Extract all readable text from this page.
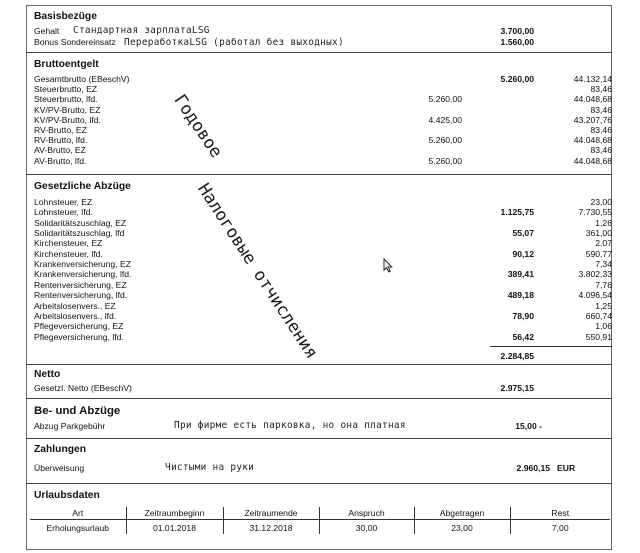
Basisbezüge
Gehalt Стандартная зарплатаLSG	3.700,00
Bonus Sondereinsatz ПереработкаLSG (работал без выходных)	1.560,00
Bruttoentgelt
Gesamtbrutto (EBeschV)	5.260,00	44.132,14
Steuerbrutto, EZ	83,46
Steuerbrutto, lfd.	5.260,00	44.048,68
KV/PV-Brutto, EZ	83,46
KV/PV-Brutto, lfd.	4.425,00	43.207,76
RV-Brutto, EZ	83,46
RV-Brutto, lfd.	5.260,00	44.048,68
AV-Brutto, EZ	83,46
AV-Brutto, lfd.	5.260,00	44.048,68
Годовое
Gesetzliche Abzüge
Lohnsteuer, EZ	23,00
Lohnsteuer, lfd.	1.125,75	7.730,55
Solidaritätszuschlag, EZ	1,26
Solidaritätszuschlag, lfd	55,07	361,00
Kirchensteuer, EZ	2,07
Kirchensteuer, lfd.	90,12	590,77
Krankenversicherung, EZ	7,34
Krankenversicherung, lfd.	389,41	3.802,33
Rentenversicherung, EZ	7,76
Rentenversicherung, lfd.	489,18	4.096,54
Arbeitslosenvers., EZ	1,25
Arbeitslosenvers., lfd.	78,90	660,74
Pflegeversicherung, EZ	1,06
Pflegeversicherung, lfd.	56,42	550,91
2.284,85
Налоговые отчисления
Netto
Gesetzl. Netto (EBeschV)	2.975,15
Be- und Abzüge
Abzug Parkgebühr	При фирме есть парковка, но она платная	15,00 -
Zahlungen
Überweisung	Чистыми на руки	2.960,15 EUR
Urlaubsdaten
Art	Zeitraumbeginn	Zeitraumende	Anspruch	Abgetragen	Rest
Erholungsurlaub	01.01.2018	31.12.2018	30,00	23,00	7,00
